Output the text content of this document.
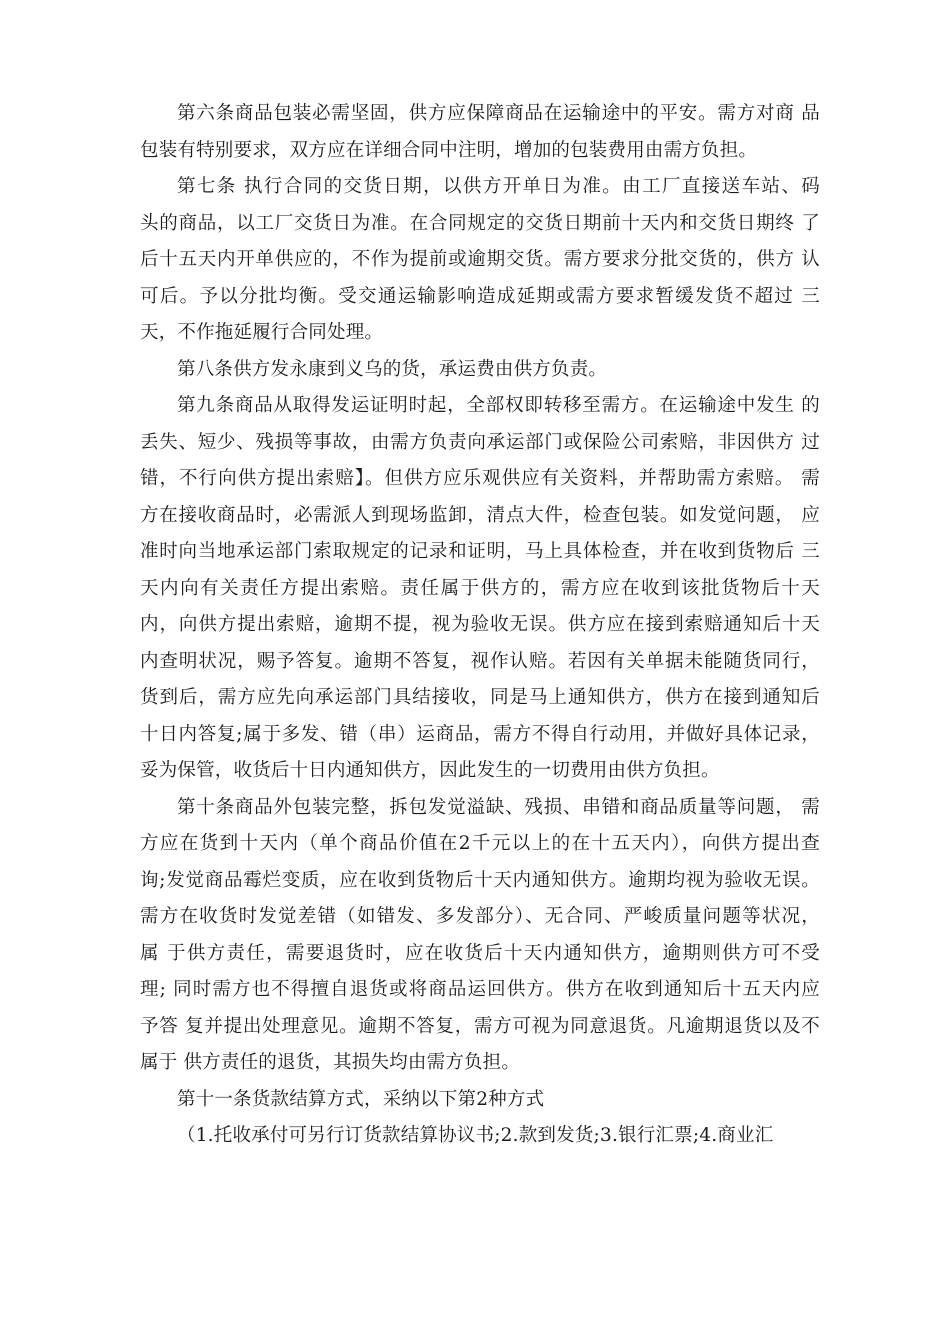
第六条商品包装必需坚固，供方应保障商品在运输途中的平安。需方对商 品
包装有特别要求，双方应在详细合同中注明，增加的包装费用由需方负担。
第七条 执行合同的交货日期，以供方开单日为准。由工厂直接送车站、码
头的商品，以工厂交货日为准。在合同规定的交货日期前十天内和交货日期终 了
后十五天内开单供应的，不作为提前或逾期交货。需方要求分批交货的，供方 认
可后。予以分批均衡。受交通运输影响造成延期或需方要求暂缓发货不超过 三
天，不作拖延履行合同处理。
第八条供方发永康到义乌的货，承运费由供方负责。
第九条商品从取得发运证明时起，全部权即转移至需方。在运输途中发生 的
丢失、短少、残损等事故，由需方负责向承运部门或保险公司索赔，非因供方 过
错，不行向供方提出索赔】。但供方应乐观供应有关资料，并帮助需方索赔。 需
方在接收商品时，必需派人到现场监卸，清点大件，检查包装。如发觉问题， 应
准时向当地承运部门索取规定的记录和证明，马上具体检查，并在收到货物后 三
天内向有关责任方提出索赔。责任属于供方的，需方应在收到该批货物后十天
内，向供方提出索赔，逾期不提，视为验收无误。供方应在接到索赔通知后十天
内查明状况，赐予答复。逾期不答复，视作认赔。若因有关单据未能随货同行，
货到后，需方应先向承运部门具结接收，同是马上通知供方，供方在接到通知后
十日内答复;属于多发、错（串）运商品，需方不得自行动用，并做好具体记录，
妥为保管，收货后十日内通知供方，因此发生的一切费用由供方负担。
第十条商品外包装完整，拆包发觉溢缺、残损、串错和商品质量等问题， 需
方应在货到十天内（单个商品价值在2千元以上的在十五天内），向供方提出查
询;发觉商品霉烂变质，应在收到货物后十天内通知供方。逾期均视为验收无误。
需方在收货时发觉差错（如错发、多发部分）、无合同、严峻质量问题等状况，
属 于供方责任，需要退货时，应在收货后十天内通知供方，逾期则供方可不受
理; 同时需方也不得擅自退货或将商品运回供方。供方在收到通知后十五天内应
予答 复并提出处理意见。逾期不答复，需方可视为同意退货。凡逾期退货以及不
属于 供方责任的退货，其损失均由需方负担。
第十一条货款结算方式，采纳以下第2种方式
（1.托收承付可另行订货款结算协议书;2.款到发货;3.银行汇票;4.商业汇
